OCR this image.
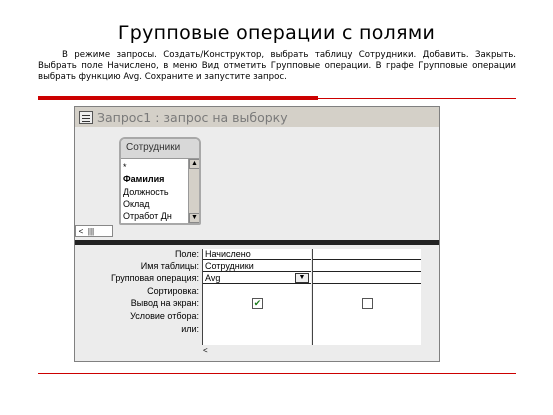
Групповые операции с полями
В режиме запросы. Создать/Конструктор, выбрать таблицу Сотрудники. Добавить. Закрыть. Выбрать поле Начислено, в меню Вид отметить Групповые операции. В графе Групповые операции выбрать функцию Avg. Сохраните и запустите запрос.
Запрос1 : запрос на выборку
Сотрудники
*
Фамилия
Должность
Оклад
Отработ Дн
▲
▼
< |||
Поле:
Имя таблицы:
Групповая операция:
Сортировка:
Вывод на экран:
Условие отбора:
или:
Начислено
Сотрудники
Avg	▼
✔
<
